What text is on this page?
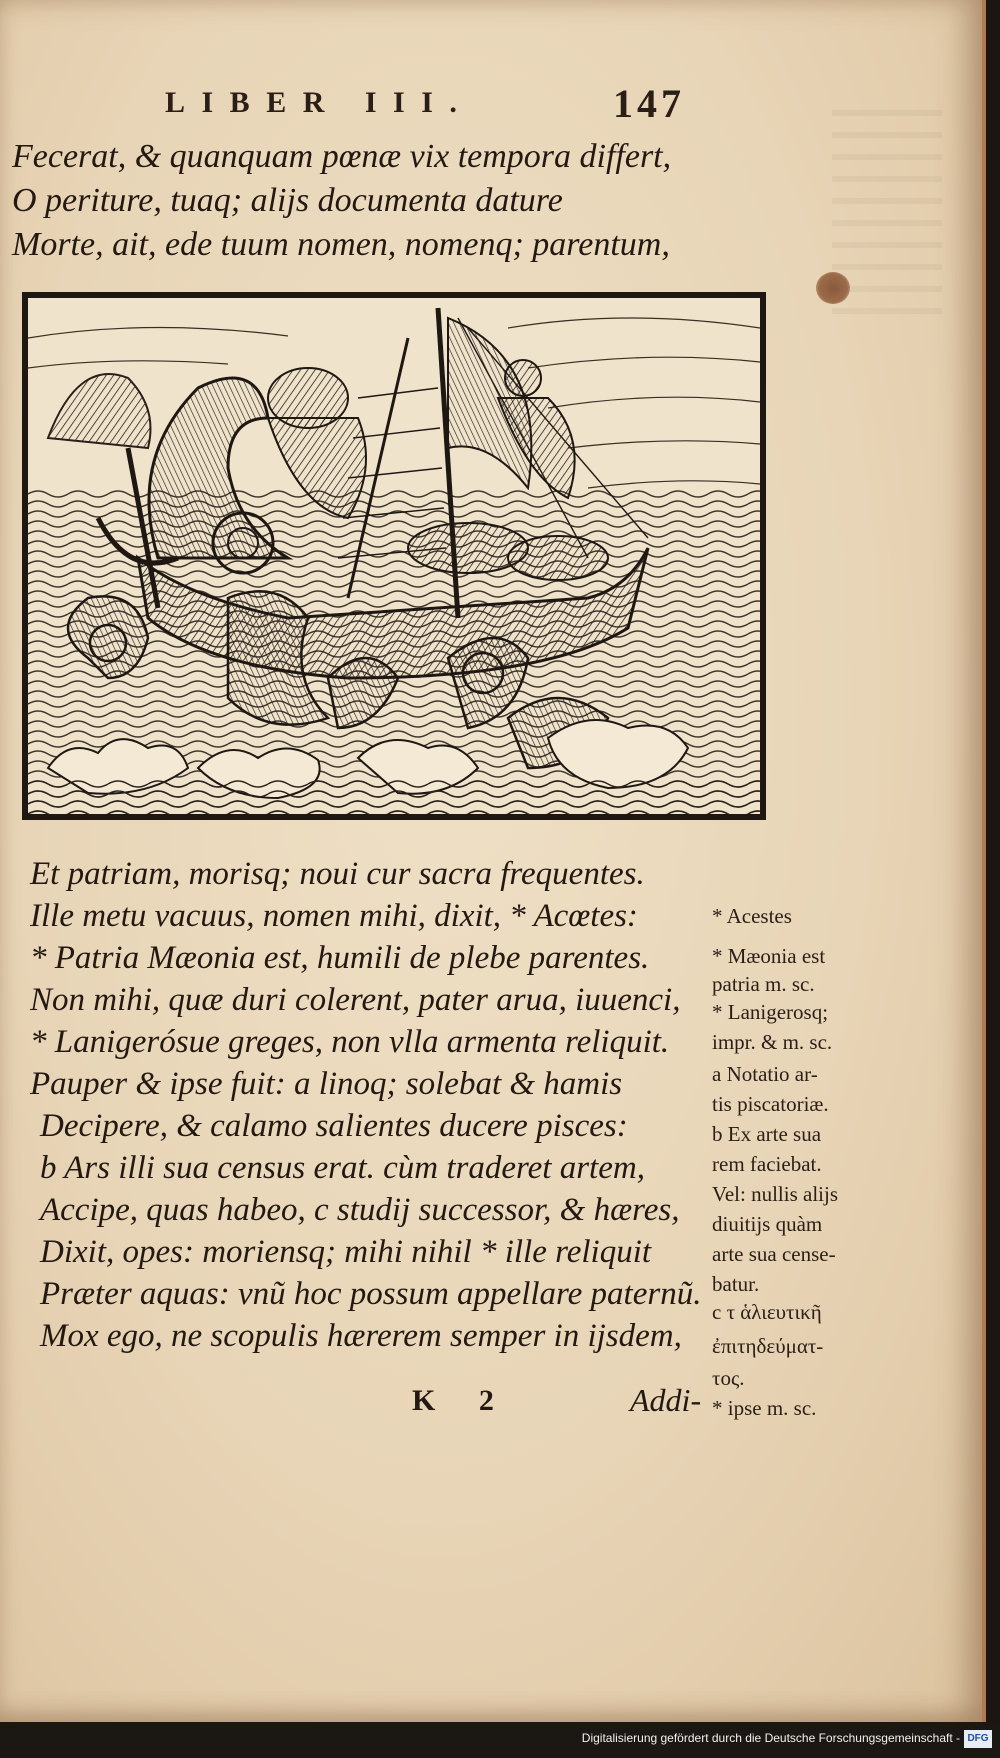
LIBER III.	147
Fecerat, & quanquam pœnæ vix tempora differt,
O periture, tuaq; alijs documenta dature
Morte, ait, ede tuum nomen, nomenq; parentum,
Et patriam, morisq; noui cur sacra frequentes.
Ille metu vacuus, nomen mihi, dixit, * Acœtes:
* Patria Mæonia est, humili de plebe parentes.
Non mihi, quæ duri colerent, pater arua, iuuenci,
* Lanigerósue greges, non vlla armenta reliquit.
Pauper & ipse fuit: a linoq; solebat & hamis
Decipere, & calamo salientes ducere pisces:
b Ars illi sua census erat. cùm traderet artem,
Accipe, quas habeo, c studij successor, & hæres,
Dixit, opes: moriensq; mihi nihil * ille reliquit
Præter aquas: vnũ hoc possum appellare paternũ.
Mox ego, ne scopulis hærerem semper in ijsdem,
* Acestes
* Mæonia est
patria m. sc.
* Lanigerosq;
impr. & m. sc.
a Notatio ar-
tis piscatoriæ.
b Ex arte sua
rem faciebat.
Vel: nullis alijs
diuitijs quàm
arte sua cense-
batur.
c τ ἁλιευτικῆ
ἐπιτηδεύματ-
τος.
* ipse m. sc.
K 2	Addi-
Digitalisierung gefördert durch die Deutsche Forschungsgemeinschaft - DFG
